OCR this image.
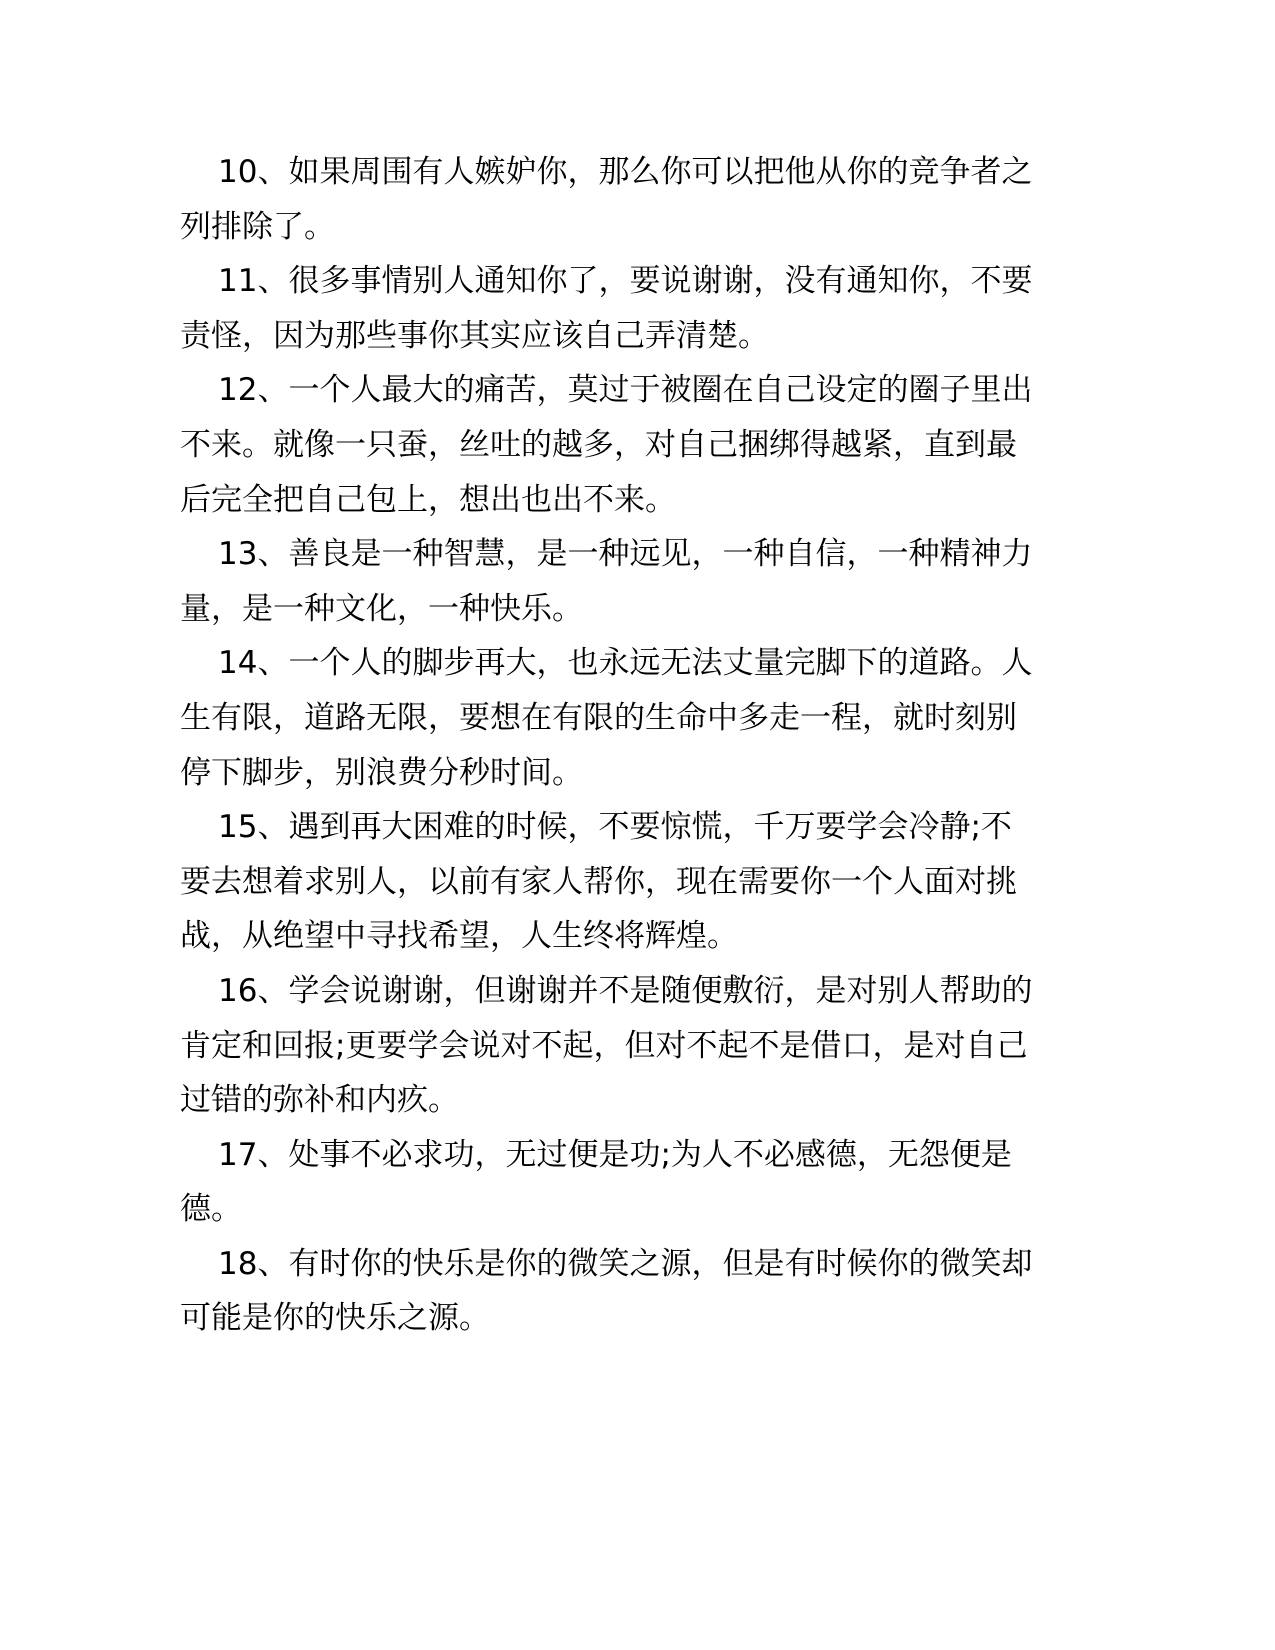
10、如果周围有人嫉妒你，那么你可以把他从你的竞争者之列排除了。

11、很多事情别人通知你了，要说谢谢，没有通知你，不要责怪，因为那些事你其实应该自己弄清楚。

12、一个人最大的痛苦，莫过于被圈在自己设定的圈子里出不来。就像一只蚕，丝吐的越多，对自己捆绑得越紧，直到最后完全把自己包上，想出也出不来。

13、善良是一种智慧，是一种远见，一种自信，一种精神力量，是一种文化，一种快乐。

14、一个人的脚步再大，也永远无法丈量完脚下的道路。人生有限，道路无限，要想在有限的生命中多走一程，就时刻别停下脚步，别浪费分秒时间。

15、遇到再大困难的时候，不要惊慌，千万要学会冷静;不要去想着求别人，以前有家人帮你，现在需要你一个人面对挑战，从绝望中寻找希望，人生终将辉煌。

16、学会说谢谢，但谢谢并不是随便敷衍，是对别人帮助的肯定和回报;更要学会说对不起，但对不起不是借口，是对自己过错的弥补和内疚。

17、处事不必求功，无过便是功;为人不必感德，无怨便是德。

18、有时你的快乐是你的微笑之源，但是有时候你的微笑却可能是你的快乐之源。
